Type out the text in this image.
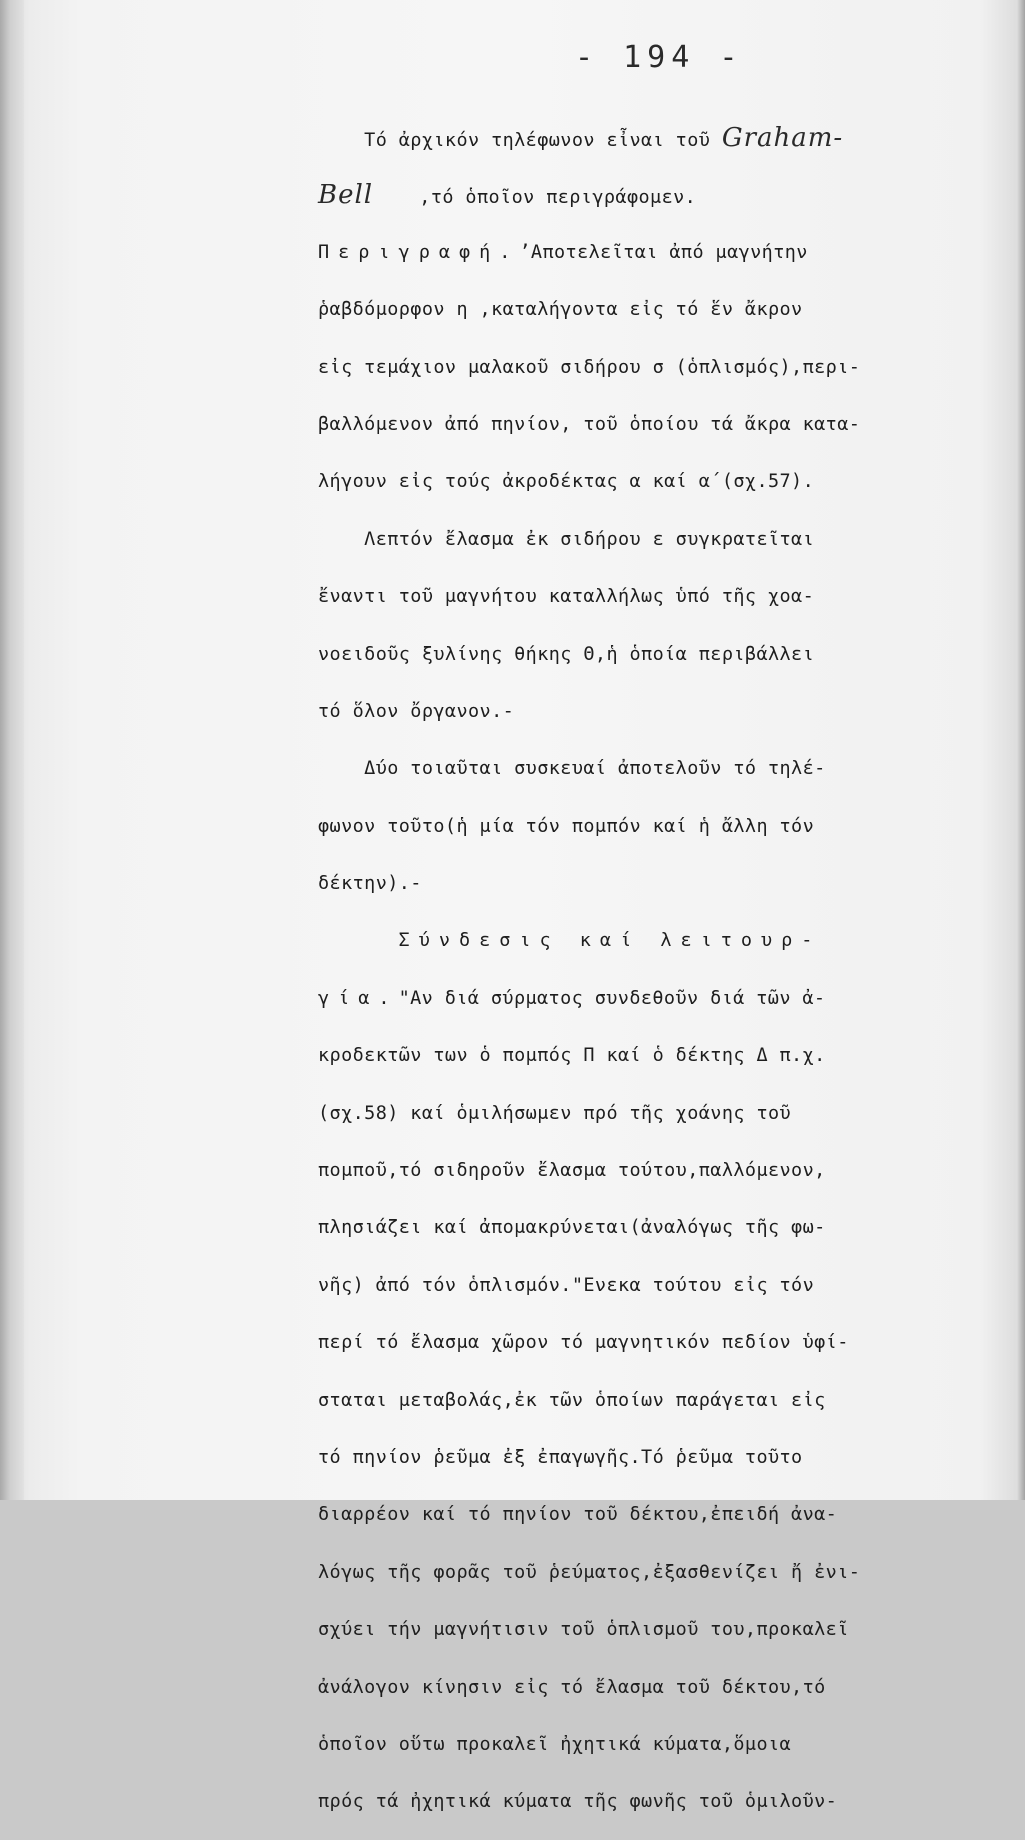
- 194 -
Τό ἀρχικόν τηλέφωνον εἶναι τοῦ Graham-
Bell    ,τό ὁποῖον περιγράφομεν.
Περιγραφή.’Αποτελεῖται ἀπό μαγνήτην
ῥαβδόμορφον η ,καταλήγοντα εἰς τό ἕν ἄκρον
εἰς τεμάχιον μαλακοῦ σιδήρου σ (ὁπλισμός),περι-
βαλλόμενον ἀπό πηνίον, τοῦ ὁποίου τά ἄκρα κατα-
λήγουν εἰς τούς ἀκροδέκτας α καί α΄(σχ.57).
Λεπτόν ἔλασμα ἐκ σιδήρου ε συγκρατεῖται
ἔναντι τοῦ μαγνήτου καταλλήλως ὑπό τῆς χοα-
νοειδοῦς ξυλίνης θήκης Θ,ἡ ὁποία περιβάλλει
τό ὅλον ὄργανον.-
Δύο τοιαῦται συσκευαί ἀποτελοῦν τό τηλέ-
φωνον τοῦτο(ἡ μία τόν πομπόν καί ἡ ἄλλη τόν
δέκτην).-
Σύνδεσις καί λειτουρ-
γία."Αν διά σύρματος συνδεθοῦν διά τῶν ἀ-
κροδεκτῶν των ὁ πομπός Π καί ὁ δέκτης Δ π.χ.
(σχ.58) καί ὁμιλήσωμεν πρό τῆς χοάνης τοῦ
πομποῦ,τό σιδηροῦν ἔλασμα τούτου,παλλόμενον,
πλησιάζει καί ἀπομακρύνεται(ἀναλόγως τῆς φω-
νῆς) ἀπό τόν ὁπλισμόν."Ενεκα τούτου εἰς τόν
περί τό ἔλασμα χῶρον τό μαγνητικόν πεδίον ὑφί-
σταται μεταβολάς,ἐκ τῶν ὁποίων παράγεται εἰς
τό πηνίον ῥεῦμα ἐξ ἐπαγωγῆς.Τό ῥεῦμα τοῦτο
διαρρέον καί τό πηνίον τοῦ δέκτου,ἐπειδή ἀνα-
λόγως τῆς φορᾶς τοῦ ῥεύματος,ἐξασθενίζει ἤ ἐνι-
σχύει τήν μαγνήτισιν τοῦ ὁπλισμοῦ του,προκαλεῖ
ἀνάλογον κίνησιν εἰς τό ἔλασμα τοῦ δέκτου,τό
ὁποῖον οὕτω προκαλεῖ ἠχητικά κύματα,ὅμοια
πρός τά ἠχητικά κύματα τῆς φωνῆς τοῦ ὁμιλοῦν-
